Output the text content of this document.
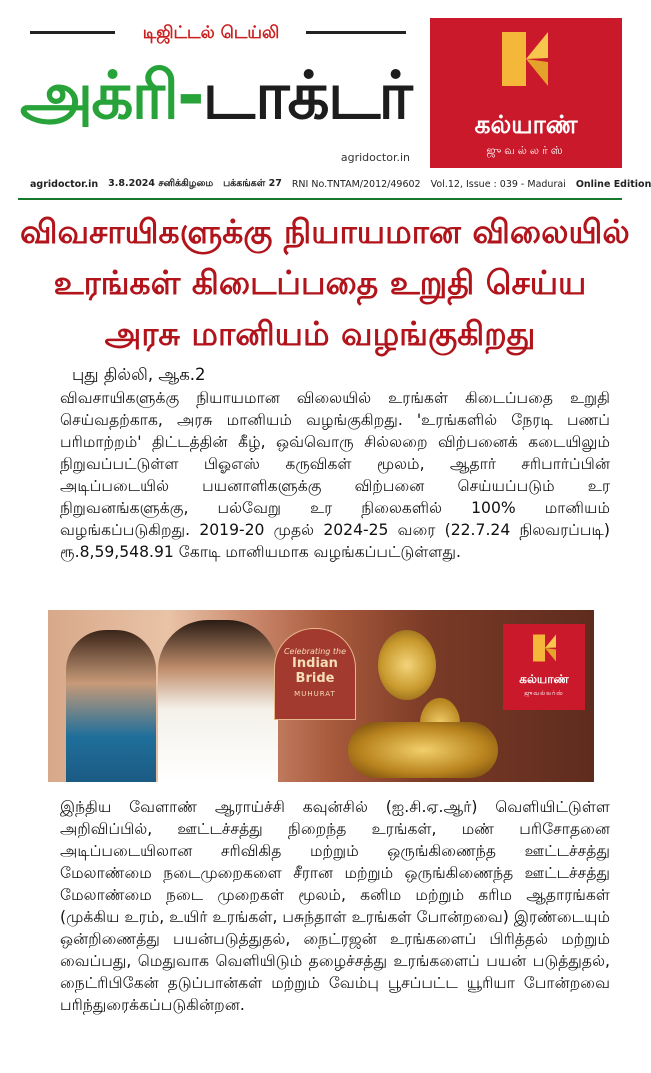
டிஜிட்டல் டெய்லி
அக்ரி-டாக்டர்
agridoctor.in
கல்யாண்
ஜுவல்லர்ஸ்
agridoctor.in 3.8.2024 சனிக்கிழமை பக்கங்கள் 27 RNI No.TNTAM/2012/49602 Vol.12, Issue : 039 - Madurai Online Edition
விவசாயிகளுக்கு நியாயமான விலையில்
உரங்கள் கிடைப்பதை உறுதி செய்ய
அரசு மானியம் வழங்குகிறது
புது தில்லி, ஆக.2
விவசாயிகளுக்கு நியாயமான விலையில் உரங்கள் கிடைப்பதை உறுதி செய்வதற்காக, அரசு மானியம் வழங்குகிறது. 'உரங்களில் நேரடி பணப் பரிமாற்றம்' திட்டத்தின் கீழ், ஒவ்வொரு சில்லறை விற்பனைக் கடையிலும் நிறுவப்பட்டுள்ள பிஓஎஸ் கருவிகள் மூலம், ஆதார் சரிபார்ப்பின் அடிப்படையில் பயனாளிகளுக்கு விற்பனை செய்யப்படும் உர நிறுவனங்களுக்கு, பல்வேறு உர நிலைகளில் 100% மானியம் வழங்கப்படுகிறது. 2019-20 முதல் 2024-25 வரை (22.7.24 நிலவரப்படி) ரூ.8,59,548.91 கோடி மானியமாக வழங்கப்பட்டுள்ளது.
Celebrating the
Indian Bride
MUHURAT
கல்யாண்
ஜுவல்லர்ஸ்
இந்திய வேளாண் ஆராய்ச்சி கவுன்சில் (ஐ.சி.ஏ.ஆர்) வெளியிட்டுள்ள அறிவிப்பில், ஊட்டச்சத்து நிறைந்த உரங்கள், மண் பரிசோதனை அடிப்படையிலான சரிவிகித மற்றும் ஒருங்கிணைந்த ஊட்டச்சத்து மேலாண்மை நடைமுறைகளை சீரான மற்றும் ஒருங்கிணைந்த ஊட்டச்சத்து மேலாண்மை நடை முறைகள் மூலம், கனிம மற்றும் கரிம ஆதாரங்கள் (முக்கிய உரம், உயிர் உரங்கள், பசுந்தாள் உரங்கள் போன்றவை) இரண்டையும் ஒன்றிணைத்து பயன்படுத்துதல், நைட்ரஜன் உரங்களைப் பிரித்தல் மற்றும் வைப்பது, மெதுவாக வெளியிடும் தழைச்சத்து உரங்களைப் பயன் படுத்துதல், நைட்ரிபிகேன் தடுப்பான்கள் மற்றும் வேம்பு பூசப்பட்ட யூரியா போன்றவை பரிந்துரைக்கப்படுகின்றன.
